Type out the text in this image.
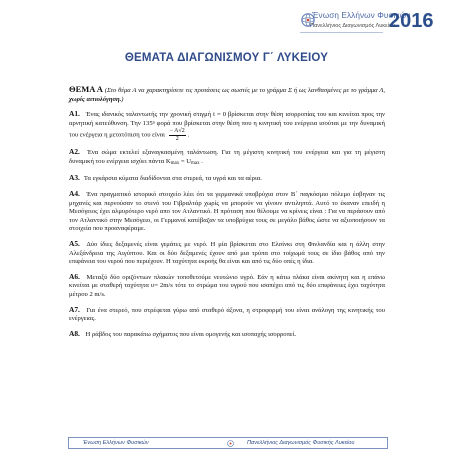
Ένωση Ελλήνων Φυσικών
Πανελλήνιος Διαγωνισμός Λυκείου
2016
ΘΕΜΑΤΑ ΔΙΑΓΩΝΙΣΜΟΥ Γ΄ ΛΥΚΕΙΟΥ

ΘΕΜΑ Α (Στο θέμα Α να χαρακτηρίσετε τις προτάσεις ως σωστές με το γράμμα Σ ή ως λανθασμένες με το γράμμα Λ, χωρίς αιτιολόγηση.)

Α1. Ένας ιδανικός ταλαντωτής την χρονική στιγμή t = 0 βρίσκεται στην θέση ισορροπίας του και κινείται προς την αρνητική κατεύθυνση. Την 135ⁿ φορά που βρίσκεται στην θέση που η κινητική του ενέργεια ισούται με την δυναμική του ενέργεια η μετατόπιση του είναι $\frac{- A√2}{2}$ .

Α2. Ένα σώμα εκτελεί εξαναγκασμένη ταλάντωση. Για τη μέγιστη κινητική του ενέργεια και για τη μέγιστη δυναμική του ενέργεια ισχύει πάντα $K_{max} = U_{max}$ .

Α3. Τα εγκάρσια κύματα διαδίδονται στα στερεά, τα υγρά και τα αέρια.

Α4. Ένα πραγματικό ιστορικό στοιχείο λέει ότι τα γερμανικά υποβρύχια στον Β΄ παγκόσμιο πόλεμο έσβηναν τις μηχανές και περνούσαν το στενό του Γιβραλτάρ χωρίς να μπορούν να γίνουν αντιληπτά. Αυτό το έκαναν επειδή η Μεσόγειος έχει αλμυρότερο νερό απο τον Ατλαντικό. Η πρόταση που θέλουμε να κρίνεις είναι : Για να περάσουν από τον Ατλαντικό στην Μεσόγειο, οι Γερμανοί κατέβαζαν τα υποβρύχια τους σε μεγάλο βάθος ώστε να αξιοποιήσουν τα στοιχεία που προαναφέραμε.

Α5. Δύο ίδιες δεξαμενές είναι γεμάτες με νερό. Η μία βρίσκεται στο Ελσίνκι στη Φινλανδία και η άλλη στην Αλεξάνδρεια της Αιγύπτου. Και οι δύο δεξαμενές έχουν από μια τρύπα στο τοίχωμά τους σε ίδιο βάθος από την επιφάνεια του νερού που περιέχουν. Η ταχύτητα εκροής θα είναι και από τις δύο οπές η ίδια.

Α6. Μεταξύ δύο οριζόντιων πλακών τοποθετούμε νευτώνιο υγρό. Εάν η κάτω πλάκα είναι ακίνητη και η επάνω κινείται με σταθερή ταχύτητα υ= 2m/s τότε το στρώμα του υγρού που ισαπέχει από τις δύο επιφάνειες έχει ταχύτητα μέτρου 2 m/s.

Α7. Για ένα στερεό, που στρέφεται γύρω από σταθερό άξονα, η στροφορμή του είναι ανάλογη της κινητικής του ενέργειας.

Α8. Η ράβδος του παρακάτω σχήματος που είναι ομογενής και ισοπαχής ισορροπεί.

Ένωση Ελλήνων Φυσικών	Πανελλήνιος Διαγωνισμός Φυσικής Λυκείου
